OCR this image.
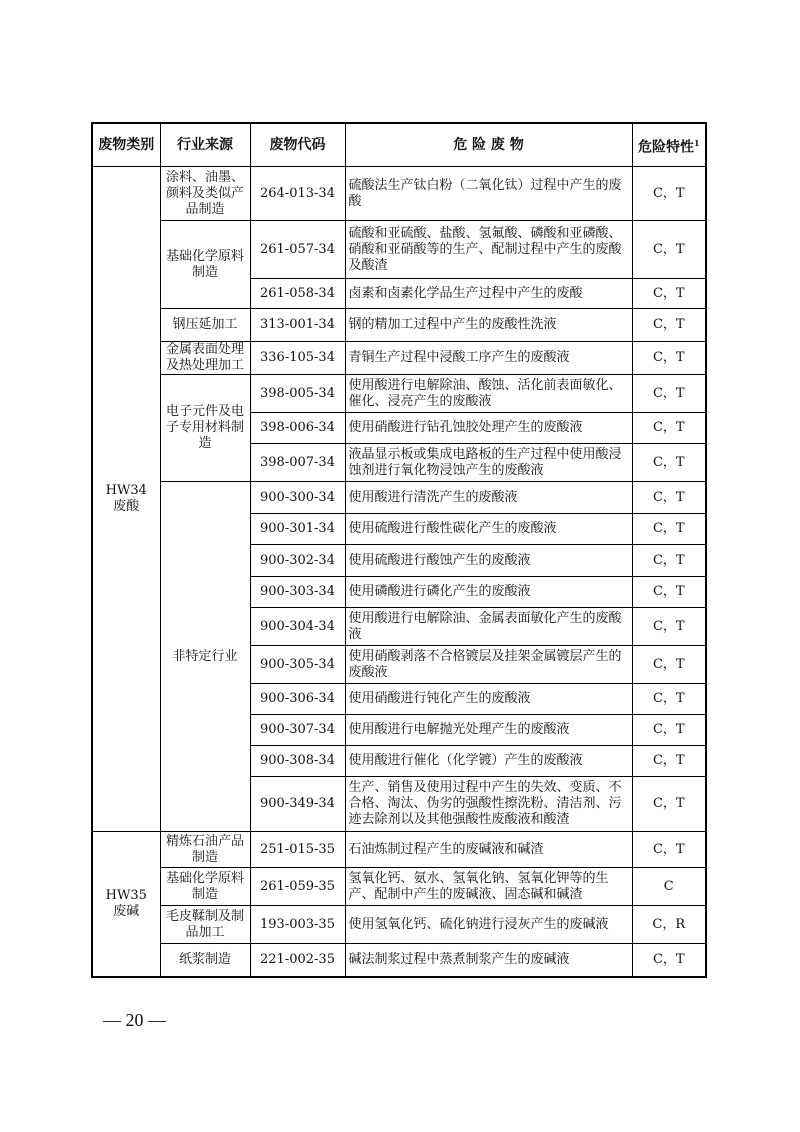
废物类别	行业来源	废物代码	危 险 废 物	危险特性$^1$
HW34
废酸	涂料、油墨、颜料及类似产品制造	264-013-34	硫酸法生产钛白粉（二氧化钛）过程中产生的废酸	C，T
	基础化学原料制造	261-057-34	硫酸和亚硫酸、盐酸、氢氟酸、磷酸和亚磷酸、硝酸和亚硝酸等的生产、配制过程中产生的废酸及酸渣	C，T
		261-058-34	卤素和卤素化学品生产过程中产生的废酸	C，T
	钢压延加工	313-001-34	钢的精加工过程中产生的废酸性洗液	C，T
	金属表面处理及热处理加工	336-105-34	青铜生产过程中浸酸工序产生的废酸液	C，T
	电子元件及电子专用材料制造	398-005-34	使用酸进行电解除油、酸蚀、活化前表面敏化、催化、浸亮产生的废酸液	C，T
		398-006-34	使用硝酸进行钻孔蚀胶处理产生的废酸液	C，T
		398-007-34	液晶显示板或集成电路板的生产过程中使用酸浸蚀剂进行氧化物浸蚀产生的废酸液	C，T
	非特定行业	900-300-34	使用酸进行清洗产生的废酸液	C，T
		900-301-34	使用硫酸进行酸性碳化产生的废酸液	C，T
		900-302-34	使用硫酸进行酸蚀产生的废酸液	C，T
		900-303-34	使用磷酸进行磷化产生的废酸液	C，T
		900-304-34	使用酸进行电解除油、金属表面敏化产生的废酸液	C，T
		900-305-34	使用硝酸剥落不合格镀层及挂架金属镀层产生的废酸液	C，T
		900-306-34	使用硝酸进行钝化产生的废酸液	C，T
		900-307-34	使用酸进行电解抛光处理产生的废酸液	C，T
		900-308-34	使用酸进行催化（化学镀）产生的废酸液	C，T
		900-349-34	生产、销售及使用过程中产生的失效、变质、不合格、淘汰、伪劣的强酸性擦洗粉、清洁剂、污迹去除剂以及其他强酸性废酸液和酸渣	C，T
HW35
废碱	精炼石油产品制造	251-015-35	石油炼制过程产生的废碱液和碱渣	C，T
	基础化学原料制造	261-059-35	氢氧化钙、氨水、氢氧化钠、氢氧化钾等的生产、配制中产生的废碱液、固态碱和碱渣	C
	毛皮鞣制及制品加工	193-003-35	使用氢氧化钙、硫化钠进行浸灰产生的废碱液	C，R
	纸浆制造	221-002-35	碱法制浆过程中蒸煮制浆产生的废碱液	C，T
— 20 —
